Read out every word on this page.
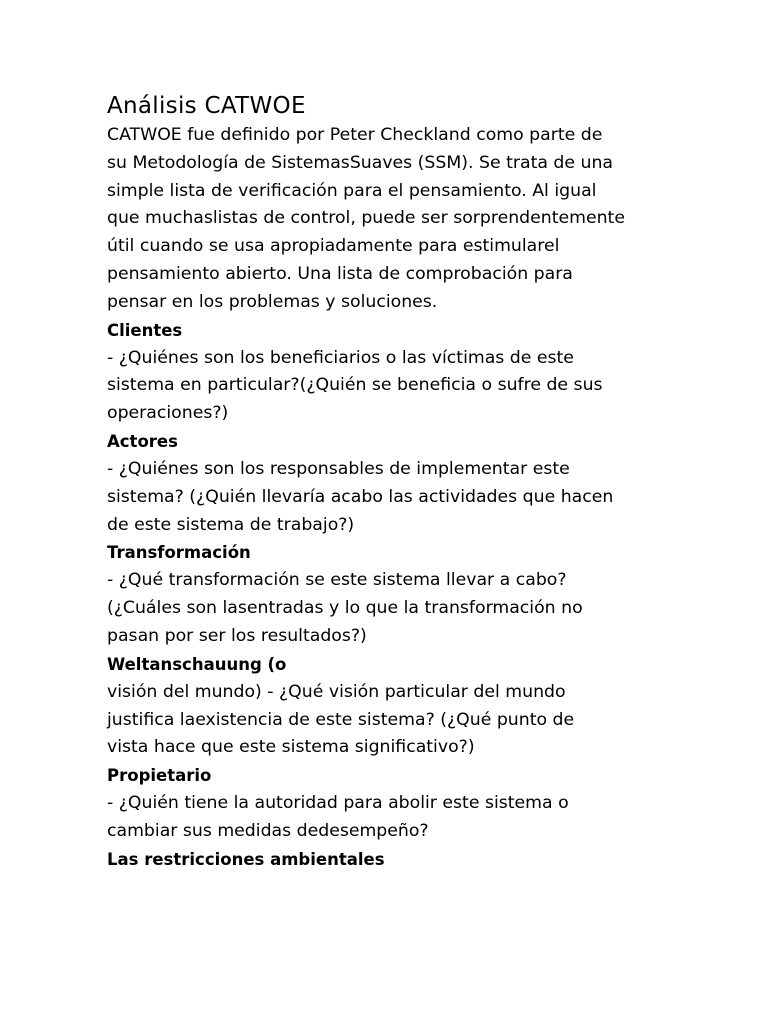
Análisis CATWOE

CATWOE fue definido por Peter Checkland como parte de
su Metodología de SistemasSuaves (SSM). Se trata de una
simple lista de verificación para el pensamiento. Al igual
que muchaslistas de control, puede ser sorprendentemente
útil cuando se usa apropiadamente para estimularel
pensamiento abierto. Una lista de comprobación para
pensar en los problemas y soluciones.

Clientes

- ¿Quiénes son los beneficiarios o las víctimas de este
sistema en particular?(¿Quién se beneficia o sufre de sus
operaciones?)

Actores

- ¿Quiénes son los responsables de implementar este
sistema? (¿Quién llevaría acabo las actividades que hacen
de este sistema de trabajo?)

Transformación

- ¿Qué transformación se este sistema llevar a cabo?
(¿Cuáles son lasentradas y lo que la transformación no
pasan por ser los resultados?)

Weltanschauung (o

visión del mundo) - ¿Qué visión particular del mundo
justifica laexistencia de este sistema? (¿Qué punto de
vista hace que este sistema significativo?)

Propietario

- ¿Quién tiene la autoridad para abolir este sistema o
cambiar sus medidas dedesempeño?

Las restricciones ambientales
